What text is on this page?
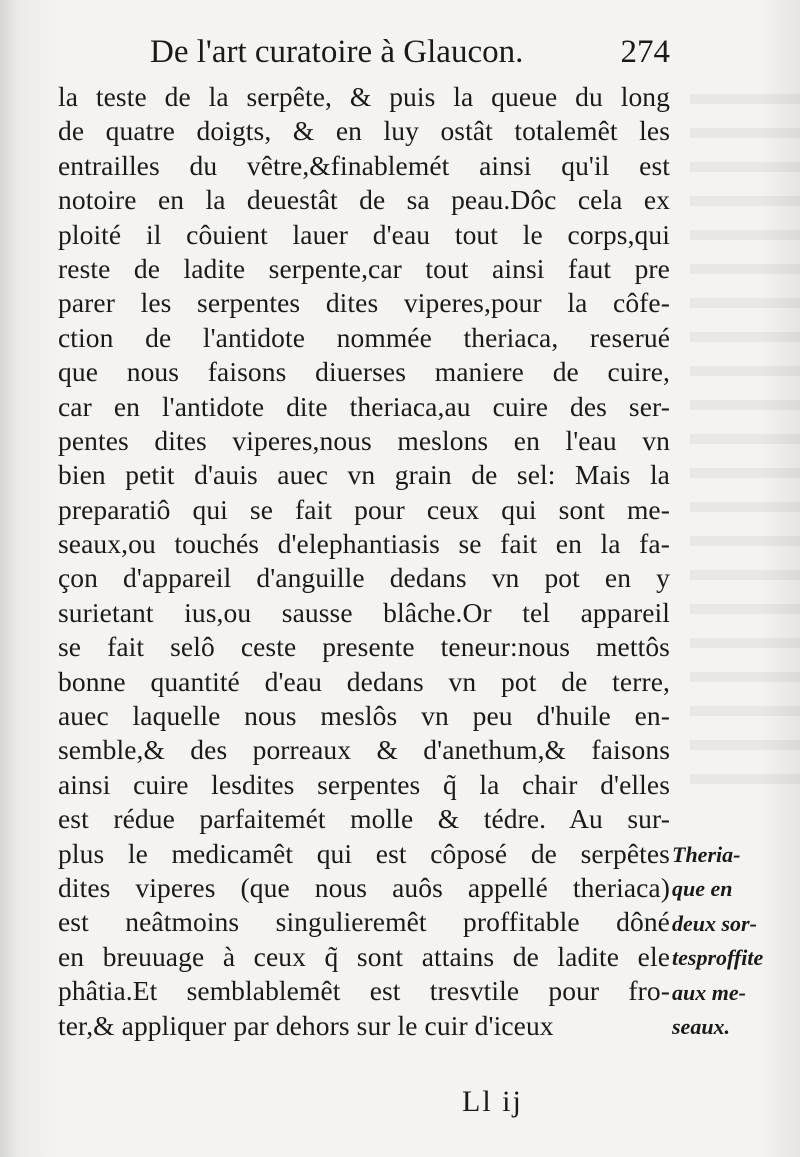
De l'art curatoire à Glaucon.	274
la teste de la serpête, & puis la queue du long
de quatre doigts, & en luy ostât totalemêt les
entrailles du vêtre,&finablemét ainsi qu'il est
notoire en la deuestât de sa peau.Dôc cela ex
ploité il côuient lauer d'eau tout le corps,qui
reste de ladite serpente,car tout ainsi faut pre
parer les serpentes dites viperes,pour la côfe-
ction de l'antidote nommée theriaca, reserué
que nous faisons diuerses maniere de cuire,
car en l'antidote dite theriaca,au cuire des ser-
pentes dites viperes,nous meslons en l'eau vn
bien petit d'auis auec vn grain de sel: Mais la
preparatiô qui se fait pour ceux qui sont me-
seaux,ou touchés d'elephantiasis se fait en la fa-
çon d'appareil d'anguille dedans vn pot en y
surietant ius,ou sausse blâche.Or tel appareil
se fait selô ceste presente teneur:nous mettôs
bonne quantité d'eau dedans vn pot de terre,
auec laquelle nous meslôs vn peu d'huile en-
semble,& des porreaux & d'anethum,& faisons
ainsi cuire lesdites serpentes q̃ la chair d'elles
est rédue parfaitemét molle & tédre. Au sur-
plus le medicamêt qui est côposé de serpêtes
dites viperes (que nous auôs appellé theriaca)
est neâtmoins singulieremêt proffitable dôné
en breuuage à ceux q̃ sont attains de ladite ele
phâtia.Et semblablemêt est tresvtile pour fro-
ter,& appliquer par dehors sur le cuir d'iceux
Theria-
que en
deux sor-
tesproffite
aux me-
seaux.
Ll ij
